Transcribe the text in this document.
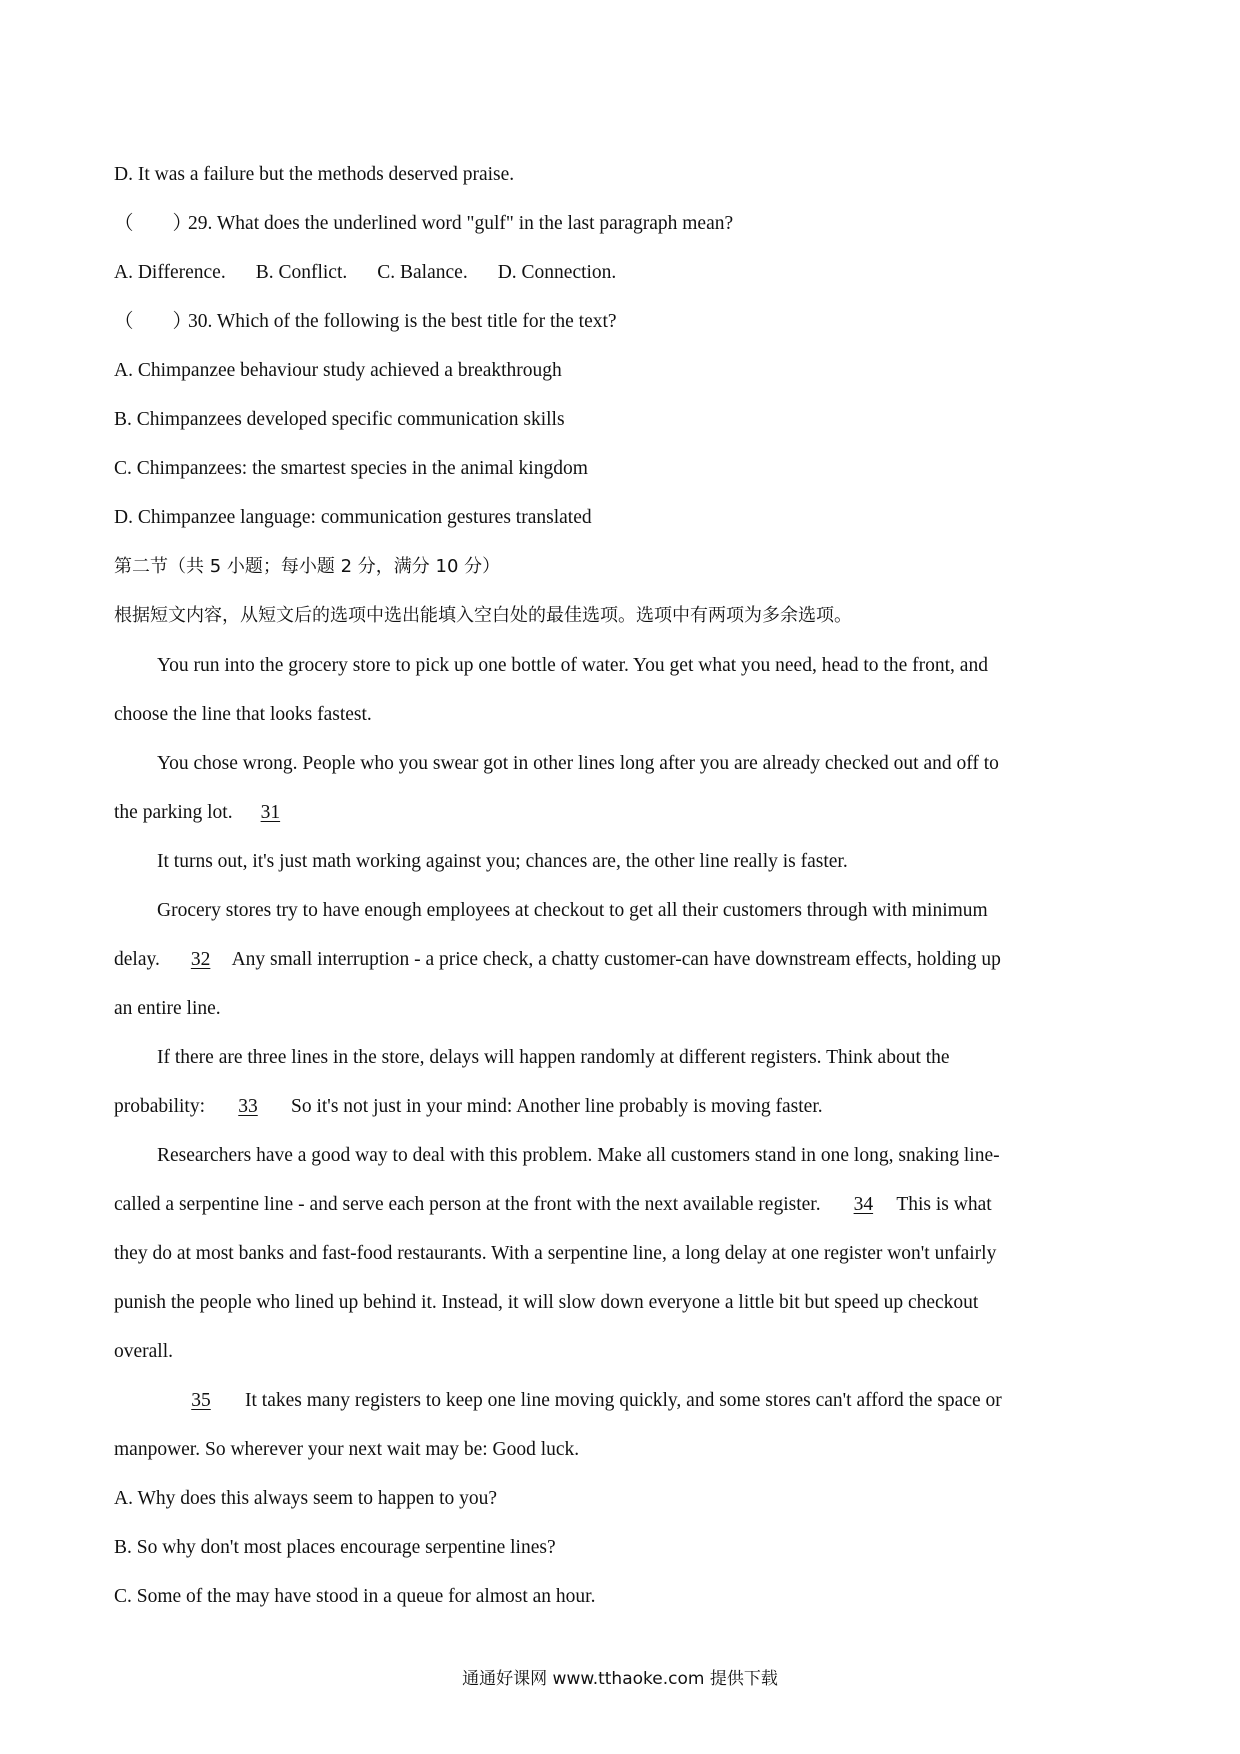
D. It was a failure but the methods deserved praise.
（　　）29. What does the underlined word "gulf" in the last paragraph mean?
A. Difference. B. Conflict. C. Balance. D. Connection.
（　　）30. Which of the following is the best title for the text?
A. Chimpanzee behaviour study achieved a breakthrough
B. Chimpanzees developed specific communication skills
C. Chimpanzees: the smartest species in the animal kingdom
D. Chimpanzee language: communication gestures translated
第二节（共 5 小题；每小题 2 分，满分 10 分）
根据短文内容，从短文后的选项中选出能填入空白处的最佳选项。选项中有两项为多余选项。
You run into the grocery store to pick up one bottle of water. You get what you need, head to the front, and
choose the line that looks fastest.
You chose wrong. People who you swear got in other lines long after you are already checked out and off to
the parking lot. 31
It turns out, it's just math working against you; chances are, the other line really is faster.
Grocery stores try to have enough employees at checkout to get all their customers through with minimum
delay. 32 Any small interruption - a price check, a chatty customer-can have downstream effects, holding up
an entire line.
If there are three lines in the store, delays will happen randomly at different registers. Think about the
probability: 33 So it's not just in your mind: Another line probably is moving faster.
Researchers have a good way to deal with this problem. Make all customers stand in one long, snaking line-
called a serpentine line - and serve each person at the front with the next available register. 34 This is what
they do at most banks and fast-food restaurants. With a serpentine line, a long delay at one register won't unfairly
punish the people who lined up behind it. Instead, it will slow down everyone a little bit but speed up checkout
overall.
35 It takes many registers to keep one line moving quickly, and some stores can't afford the space or
manpower. So wherever your next wait may be: Good luck.
A. Why does this always seem to happen to you?
B. So why don't most places encourage serpentine lines?
C. Some of the may have stood in a queue for almost an hour.
通通好课网 www.tthaoke.com 提供下载
